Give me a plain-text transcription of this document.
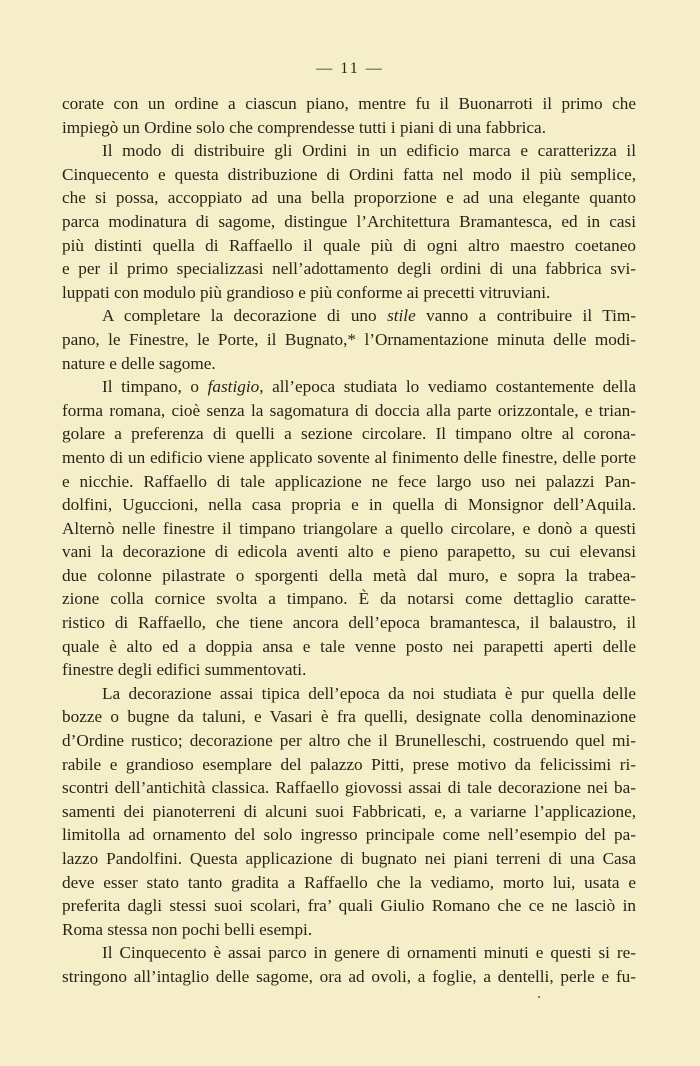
— 11 —
corate con un ordine a ciascun piano, mentre fu il Buonarroti il primo che
impiegò un Ordine solo che comprendesse tutti i piani di una fabbrica.
Il modo di distribuire gli Ordini in un edificio marca e caratterizza il
Cinquecento e questa distribuzione di Ordini fatta nel modo il più semplice,
che si possa, accoppiato ad una bella proporzione e ad una elegante quanto
parca modinatura di sagome, distingue l’Architettura Bramantesca, ed in casi
più distinti quella di Raffaello il quale più di ogni altro maestro coetaneo
e per il primo specializzasi nell’adottamento degli ordini di una fabbrica svi-
luppati con modulo più grandioso e più conforme ai precetti vitruviani.
A completare la decorazione di uno stile vanno a contribuire il Tim-
pano, le Finestre, le Porte, il Bugnato,* l’Ornamentazione minuta delle modi-
nature e delle sagome.
Il timpano, o fastigio, all’epoca studiata lo vediamo costantemente della
forma romana, cioè senza la sagomatura di doccia alla parte orizzontale, e trian-
golare a preferenza di quelli a sezione circolare. Il timpano oltre al corona-
mento di un edificio viene applicato sovente al finimento delle finestre, delle porte
e nicchie. Raffaello di tale applicazione ne fece largo uso nei palazzi Pan-
dolfini, Uguccioni, nella casa propria e in quella di Monsignor dell’Aquila.
Alternò nelle finestre il timpano triangolare a quello circolare, e donò a questi
vani la decorazione di edicola aventi alto e pieno parapetto, su cui elevansi
due colonne pilastrate o sporgenti della metà dal muro, e sopra la trabea-
zione colla cornice svolta a timpano. È da notarsi come dettaglio caratte-
ristico di Raffaello, che tiene ancora dell’epoca bramantesca, il balaustro, il
quale è alto ed a doppia ansa e tale venne posto nei parapetti aperti delle
finestre degli edifici summentovati.
La decorazione assai tipica dell’epoca da noi studiata è pur quella delle
bozze o bugne da taluni, e Vasari è fra quelli, designate colla denominazione
d’Ordine rustico; decorazione per altro che il Brunelleschi, costruendo quel mi-
rabile e grandioso esemplare del palazzo Pitti, prese motivo da felicissimi ri-
scontri dell’antichità classica. Raffaello giovossi assai di tale decorazione nei ba-
samenti dei pianoterreni di alcuni suoi Fabbricati, e, a variarne l’applicazione,
limitolla ad ornamento del solo ingresso principale come nell’esempio del pa-
lazzo Pandolfini. Questa applicazione di bugnato nei piani terreni di una Casa
deve esser stato tanto gradita a Raffaello che la vediamo, morto lui, usata e
preferita dagli stessi suoi scolari, fra’ quali Giulio Romano che ce ne lasciò in
Roma stessa non pochi belli esempi.
Il Cinquecento è assai parco in genere di ornamenti minuti e questi si re-
stringono all’intaglio delle sagome, ora ad ovoli, a foglie, a dentelli, perle e fu-
